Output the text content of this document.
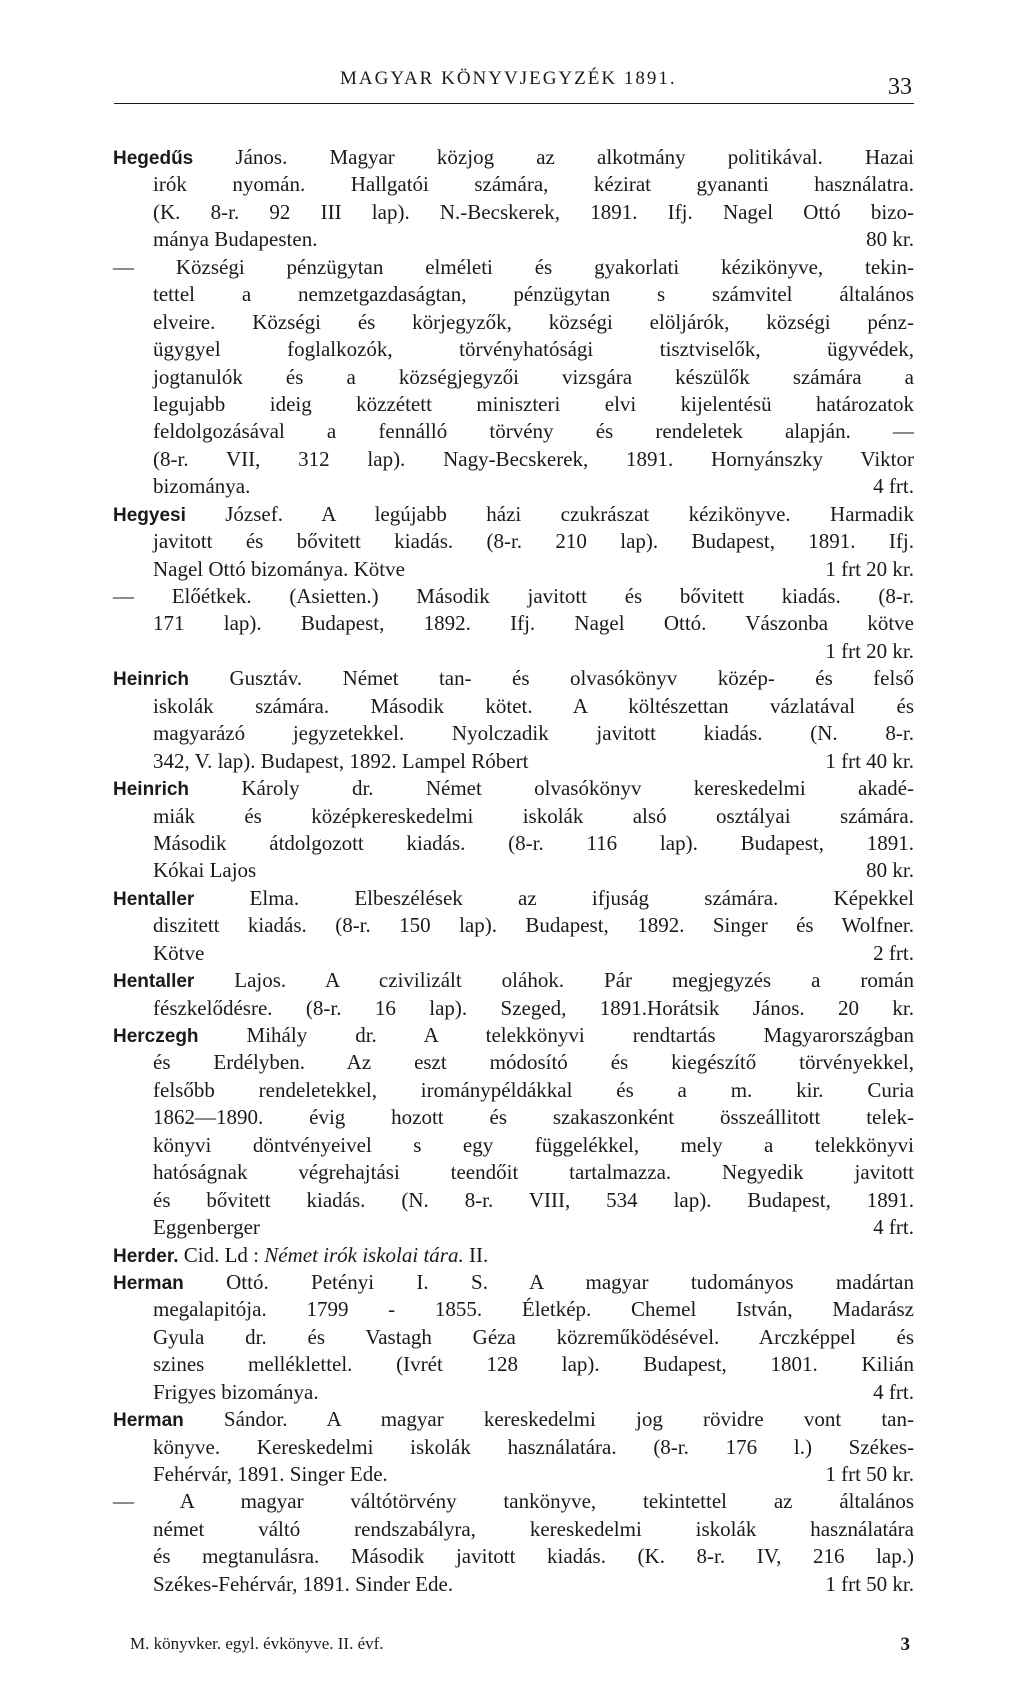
MAGYAR KÖNYVJEGYZÉK 1891.	33
Hegedűs János. Magyar közjog az alkotmány politikával. Hazai
irók nyomán. Hallgatói számára, kézirat gyananti használatra.
(K. 8-r. 92 III lap). N.-Becskerek, 1891. Ifj. Nagel Ottó bizo-
mánya Budapesten.	80 kr.
— Községi pénzügytan elméleti és gyakorlati kézikönyve, tekin-
tettel a nemzetgazdaságtan, pénzügytan s számvitel általános
elveire. Községi és körjegyzők, községi elöljárók, községi pénz-
ügygyel foglalkozók, törvényhatósági tisztviselők, ügyvédek,
jogtanulók és a községjegyzői vizsgára készülők számára a
legujabb ideig közzétett miniszteri elvi kijelentésü határozatok
feldolgozásával a fennálló törvény és rendeletek alapján. —
(8-r. VII, 312 lap). Nagy-Becskerek, 1891. Hornyánszky Viktor
bizománya.	4 frt.
Hegyesi József. A legújabb házi czukrászat kézikönyve. Harmadik
javitott és bővitett kiadás. (8-r. 210 lap). Budapest, 1891. Ifj.
Nagel Ottó bizománya. Kötve	1 frt 20 kr.
— Előétkek. (Asietten.) Második javitott és bővitett kiadás. (8-r.
171 lap). Budapest, 1892. Ifj. Nagel Ottó. Vászonba kötve
1 frt 20 kr.
Heinrich Gusztáv. Német tan- és olvasókönyv közép- és felső
iskolák számára. Második kötet. A költészettan vázlatával és
magyarázó jegyzetekkel. Nyolczadik javitott kiadás. (N. 8-r.
342, V. lap). Budapest, 1892. Lampel Róbert	1 frt 40 kr.
Heinrich Károly dr. Német olvasókönyv kereskedelmi akadé-
miák és középkereskedelmi iskolák alsó osztályai számára.
Második átdolgozott kiadás. (8-r. 116 lap). Budapest, 1891.
Kókai Lajos	80 kr.
Hentaller Elma. Elbeszélések az ifjuság számára. Képekkel
diszitett kiadás. (8-r. 150 lap). Budapest, 1892. Singer és Wolfner.
Kötve	2 frt.
Hentaller Lajos. A czivilizált oláhok. Pár megjegyzés a román
fészkelődésre. (8-r. 16 lap). Szeged, 1891.Horátsik János. 20 kr.
Herczegh Mihály dr. A telekkönyvi rendtartás Magyarországban
és Erdélyben. Az eszt módosító és kiegészítő törvényekkel,
felsőbb rendeletekkel, irománypéldákkal és a m. kir. Curia
1862—1890. évig hozott és szakaszonként összeállitott telek-
könyvi döntvényeivel s egy függelékkel, mely a telekkönyvi
hatóságnak végrehajtási teendőit tartalmazza. Negyedik javitott
és bővitett kiadás. (N. 8-r. VIII, 534 lap). Budapest, 1891.
Eggenberger	4 frt.
Herder. Cid. Ld : Német irók iskolai tára. II.
Herman Ottó. Petényi I. S. A magyar tudományos madártan
megalapitója. 1799 - 1855. Életkép. Chemel István, Madarász
Gyula dr. és Vastagh Géza közreműködésével. Arczképpel és
szines melléklettel. (Ivrét 128 lap). Budapest, 1801. Kilián
Frigyes bizománya.	4 frt.
Herman Sándor. A magyar kereskedelmi jog rövidre vont tan-
könyve. Kereskedelmi iskolák használatára. (8-r. 176 l.) Székes-
Fehérvár, 1891. Singer Ede.	1 frt 50 kr.
— A magyar váltótörvény tankönyve, tekintettel az általános
német váltó rendszabályra, kereskedelmi iskolák használatára
és megtanulásra. Második javitott kiadás. (K. 8-r. IV, 216 lap.)
Székes-Fehérvár, 1891. Sinder Ede.	1 frt 50 kr.
M. könyvker. egyl. évkönyve. II. évf.	3
